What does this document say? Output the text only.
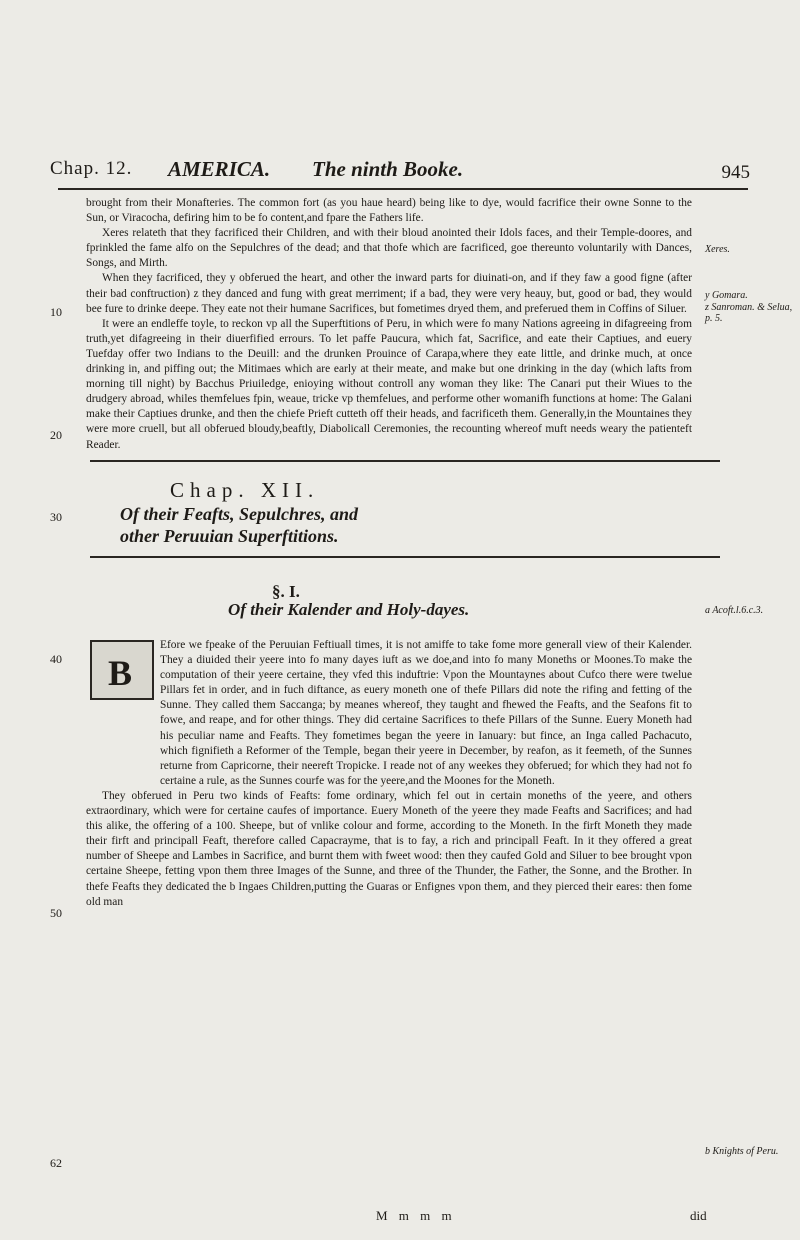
Chap. 12. AMERICA. The ninth Booke.	945

brought from their Monafteries. The common fort (as you haue heard) being like to dye, would facrifice their owne Sonne to the Sun, or Viracocha, defiring him to be fo content,and fpare the Fathers life.

Xeres relateth that they facrificed their Children, and with their bloud anointed their Idols faces, and their Temple-doores, and fprinkled the fame alfo on the Sepulchres of the dead; and that thofe which are facrificed, goe thereunto voluntarily with Dances, Songs, and Mirth.

When they facrificed, they y obferued the heart, and other the inward parts for diuinati-on, and if they faw a good figne (after their bad conftruction) z they danced and fung with great merriment; if a bad, they were very heauy, but, good or bad, they would bee fure to drinke deepe. They eate not their humane Sacrifices, but fometimes dryed them, and preferued them in Coffins of Siluer.

It were an endleffe toyle, to reckon vp all the Superftitions of Peru, in which were fo many Nations agreeing in difagreeing from truth,yet difagreeing in their diuerfified errours. To let paffe Paucura, which fat, Sacrifice, and eate their Captiues, and euery Tuefday offer two Indians to the Deuill: and the drunken Prouince of Carapa,where they eate little, and drinke much, at once drinking in, and piffing out; the Mitimaes which are early at their meate, and make but one drinking in the day (which lafts from morning till night) by Bacchus Priuiledge, enioying without controll any woman they like: The Canari put their Wiues to the drudgery abroad, whiles themfelues fpin, weaue, tricke vp themfelues, and performe other womanifh functions at home: The Galani make their Captiues drunke, and then the chiefe Prieft cutteth off their heads, and facrificeth them. Generally,in the Mountaines they were more cruell, but all obferued bloudy,beaftly, Diabolicall Ceremonies, the recounting whereof muft needs weary the patienteft Reader.

10
20
30
40
50
62
Xeres.
y Gomara.
z Sanroman. & Selua, p. 5.
a Acoft.l.6.c.3.
b Knights of Peru.
Chap. XII.
Of their Feafts, Sepulchres, and other Peruuian Superftitions.
§. I.
Of their Kalender and Holy-dayes.
B

Efore we fpeake of the Peruuian Feftiuall times, it is not amiffe to take fome more generall view of their Kalender. They a diuided their yeere into fo many dayes iuft as we doe,and into fo many Moneths or Moones.To make the computation of their yeere certaine, they vfed this induftrie: Vpon the Mountaynes about Cufco there were twelue Pillars fet in order, and in fuch diftance, as euery moneth one of thefe Pillars did note the rifing and fetting of the Sunne. They called them Saccanga; by meanes whereof, they taught and fhewed the Feafts, and the Seafons fit to fowe, and reape, and for other things. They did certaine Sacrifices to thefe Pillars of the Sunne. Euery Moneth had his peculiar name and Feafts. They fometimes began the yeere in Ianuary: but fince, an Inga called Pachacuto, which fignifieth a Reformer of the Temple, began their yeere in December, by reafon, as it feemeth, of the Sunnes returne from Capricorne, their neereft Tropicke. I reade not of any weekes they obferued; for which they had not fo certaine a rule, as the Sunnes courfe was for the yeere,and the Moones for the Moneth.

They obferued in Peru two kinds of Feafts: fome ordinary, which fel out in certain moneths of the yeere, and others extraordinary, which were for certaine caufes of importance. Euery Moneth of the yeere they made Feafts and Sacrifices; and had this alike, the offering of a 100. Sheepe, but of vnlike colour and forme, according to the Moneth. In the firft Moneth they made their firft and principall Feaft, therefore called Capacrayme, that is to fay, a rich and principall Feaft. In it they offered a great number of Sheepe and Lambes in Sacrifice, and burnt them with fweet wood: then they caufed Gold and Siluer to bee brought vpon certaine Sheepe, fetting vpon them three Images of the Sunne, and three of the Thunder, the Father, the Sonne, and the Brother. In thefe Feafts they dedicated the b Ingaes Children,putting the Guaras or Enfignes vpon them, and they pierced their eares: then fome old man

M m m m	did
